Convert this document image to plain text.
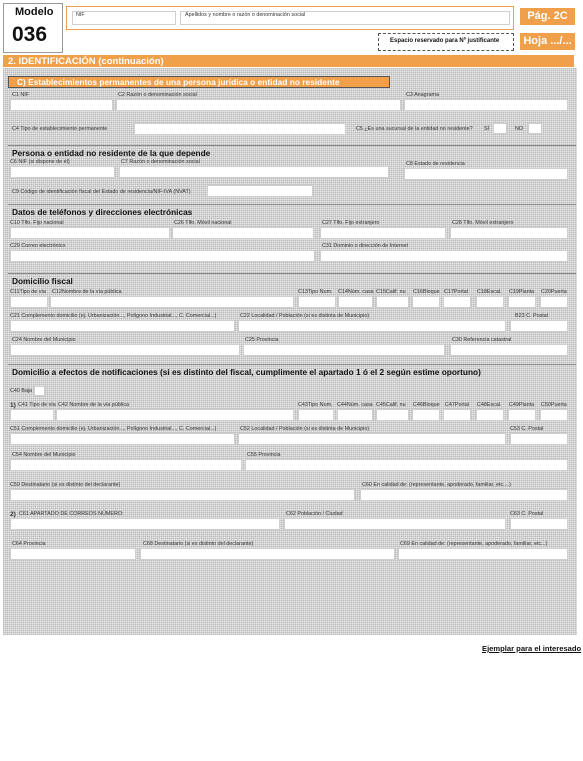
Modelo
036
NIF	Apellidos y nombre o razón o denominación social	Pág. 2C
Espacio reservado para Nº justificante	Hoja .../...
2. IDENTIFICACIÓN (continuación)
C) Establecimientos permanentes de una persona jurídica o entidad no residente
C1 NIF	C2 Razón o denominación social	C3 Anagrama
C4 Tipo de establecimiento permanente	C5 ¿Es una sucursal de la entidad no residente? SÍ	NO
Persona o entidad no residente de la que depende
C6 NIF (si dispone de él)	C7 Razón o denominación social	C8 Estado de residencia
C9 Código de identificación fiscal del Estado de residencia/NIF-IVA (NVAT)
Datos de teléfonos y direcciones electrónicas
C10 Tlfo. Fijo nacional	C26 Tlfo. Móvil nacional	C27 Tlfo. Fijo extranjero	C28 Tlfo. Móvil extranjero
C29 Correo electrónico	C31 Dominio o dirección de Internet
Domicilio fiscal
C11Tipo de vía C12Nombre de la vía pública	C13Tipo Num. C14Núm. casa C15Calif. nu C16Bloque C17Portal C18Escal. C19Planta C20Puerta
C21 Complemento domicilio (ej. Urbanización..., Polígono Industrial..., C. Comercial...)	C22 Localidad / Población (si es distinta de Municipio)	B23 C. Postal
C24 Nombre del Municipio	C25 Provincia	C30 Referencia catastral
Domicilio a efectos de notificaciones (si es distinto del fiscal, cumplimente el apartado 1 ó el 2 según estime oportuno)
C40 Baja
1) C41 Tipo de vía C42 Nombre de la vía pública	C43Tipo Num. C44Núm. casa C45Calif. nu C46Bloque C47Portal C48Escal. C49Planta C50Puerta
C51 Complemento domicilio (ej. Urbanización..., Polígono Industrial..., C. Comercial...)	C52 Localidad / Población (si es distinta de Municipio)	C53 C. Postal
C54 Nombre del Municipio	C55 Provincia
C59 Destinatario (si es distinto del declarante)	C60 En calidad de: (representante, apoderado, familiar, etc....)
2) C61 APARTADO DE CORREOS NÚMERO:	C62 Población / Ciudad	C63 C. Postal
C64 Provincia	C68 Destinatario (si es distinto del declarante)	C69 En calidad de: (representante, apoderado, familiar, etc...)
Ejemplar para el interesado
